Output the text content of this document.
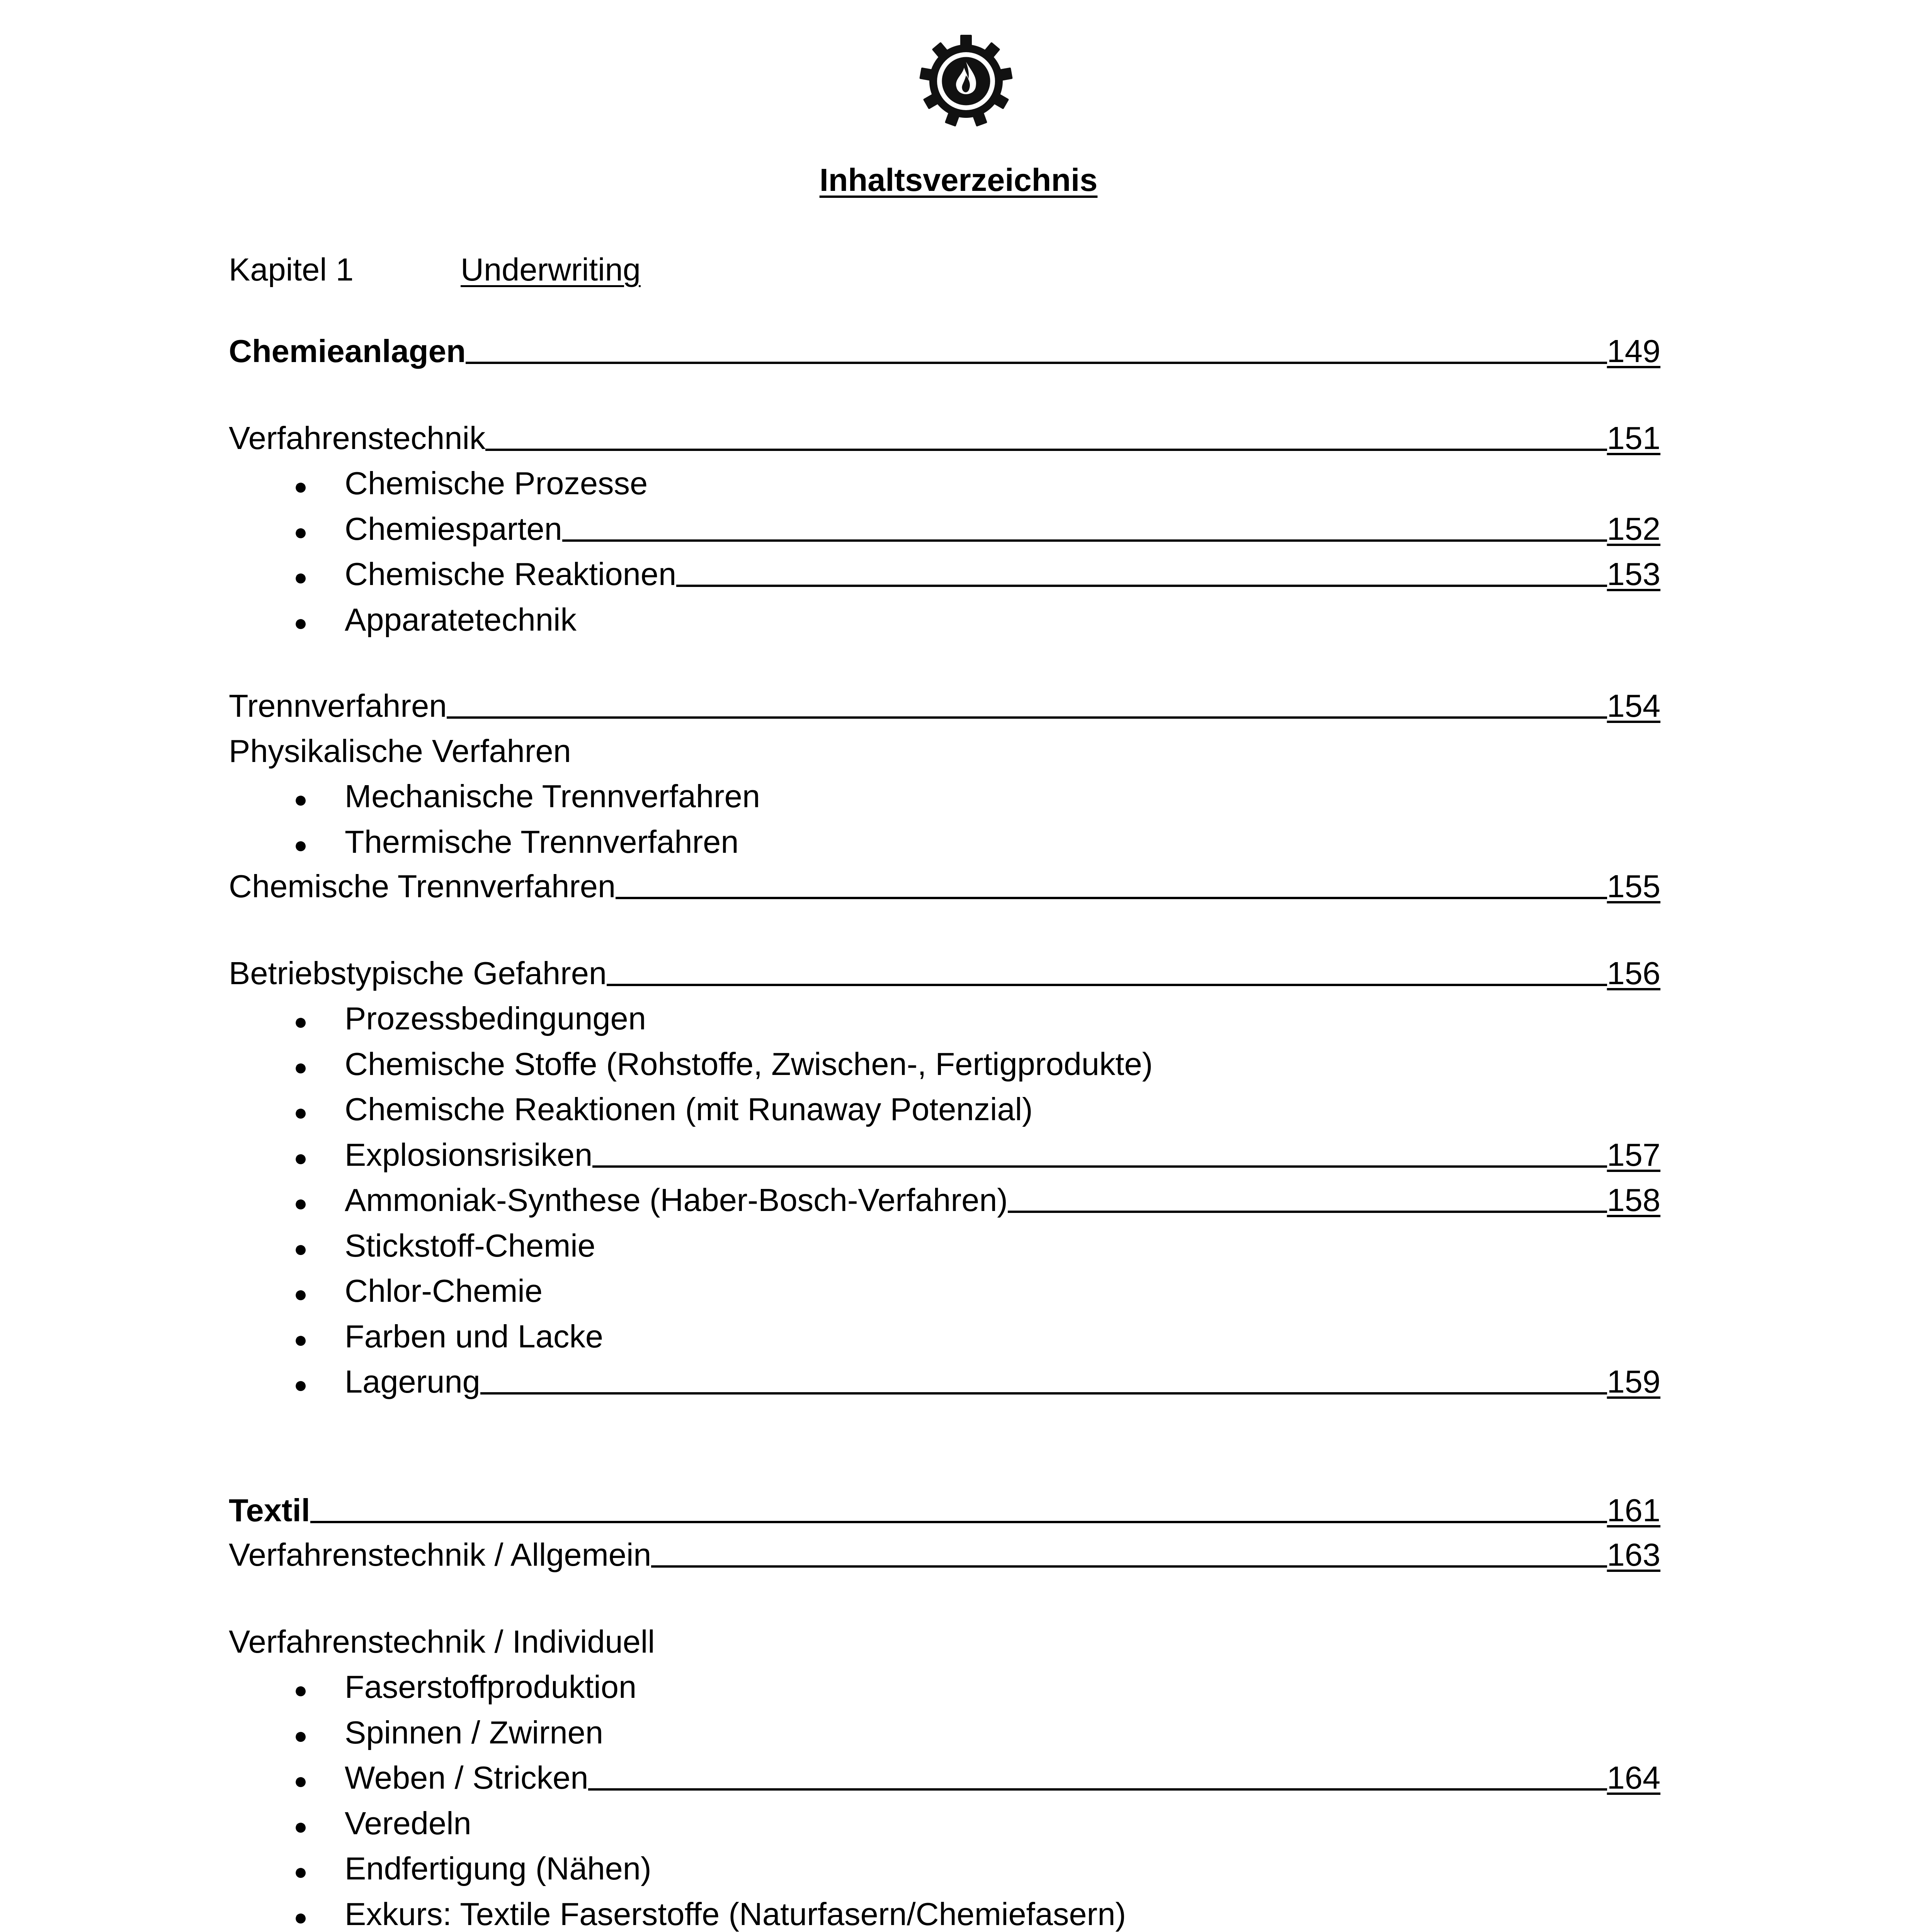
Inhaltsverzeichnis
Kapitel 1	Underwriting
Chemieanlagen	149
Verfahrenstechnik	151
●	Chemische Prozesse
●	Chemiesparten	152
●	Chemische Reaktionen	153
●	Apparatetechnik
Trennverfahren	154
Physikalische Verfahren
●	Mechanische Trennverfahren
●	Thermische Trennverfahren
Chemische Trennverfahren	155
Betriebstypische Gefahren	156
●	Prozessbedingungen
●	Chemische Stoffe (Rohstoffe, Zwischen-, Fertigprodukte)
●	Chemische Reaktionen (mit Runaway Potenzial)
●	Explosionsrisiken	157
●	Ammoniak-Synthese (Haber-Bosch-Verfahren)	158
●	Stickstoff-Chemie
●	Chlor-Chemie
●	Farben und Lacke
●	Lagerung	159
Textil	161
Verfahrenstechnik / Allgemein	163
Verfahrenstechnik / Individuell
●	Faserstoffproduktion
●	Spinnen / Zwirnen
●	Weben / Stricken	164
●	Veredeln
●	Endfertigung (Nähen)
●	Exkurs: Textile Faserstoffe (Naturfasern/Chemiefasern)
